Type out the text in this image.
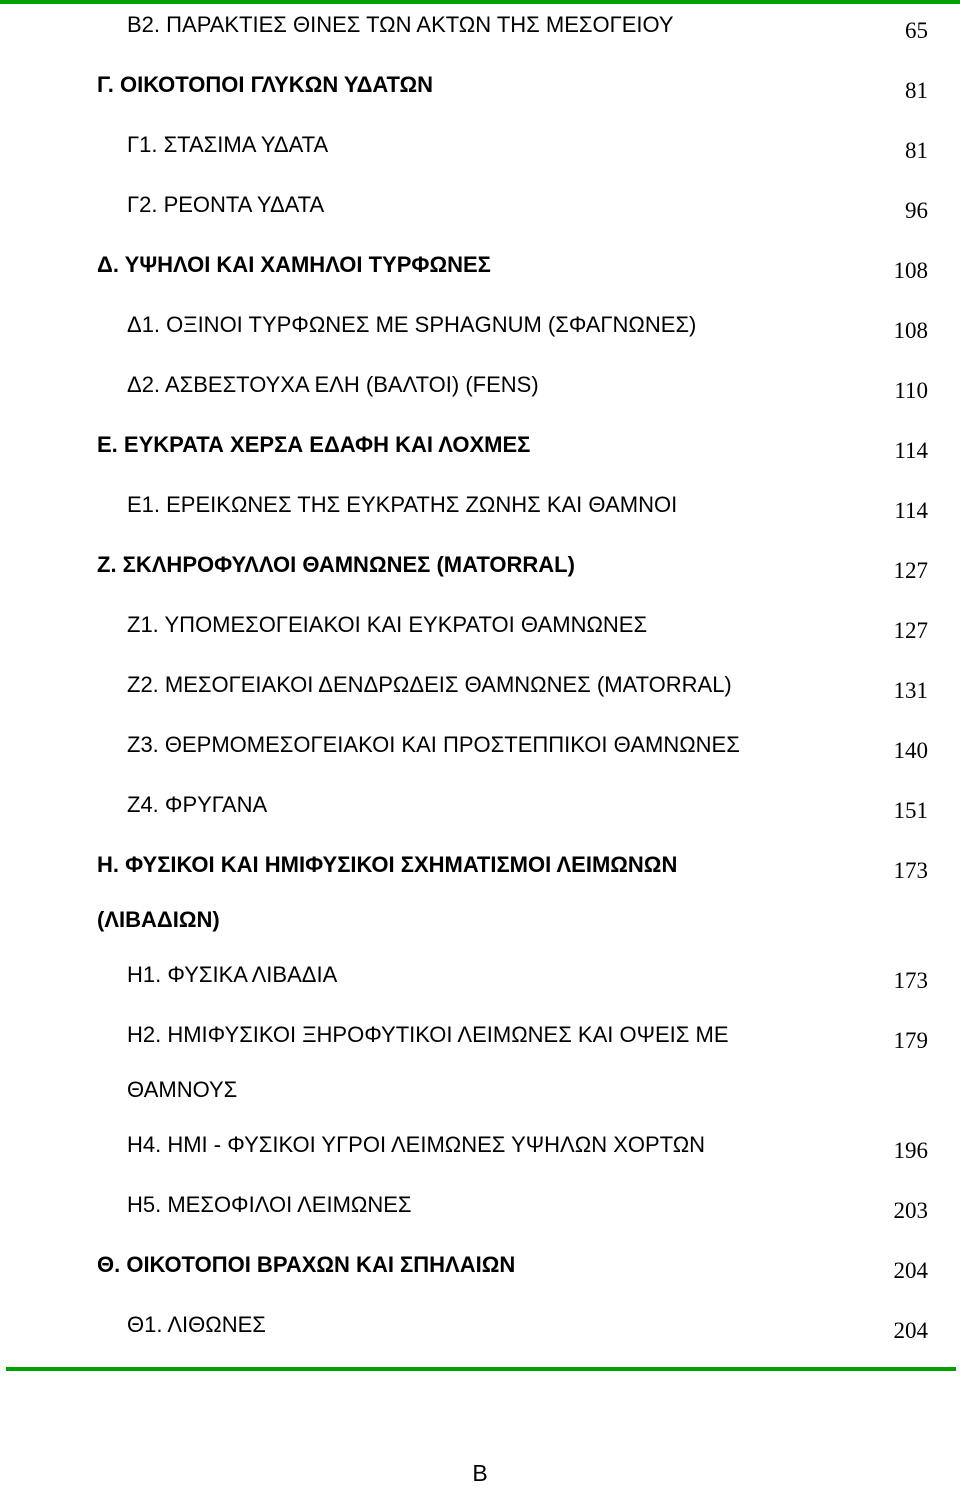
Β2. ΠΑΡΑΚΤΙΕΣ ΘΙΝΕΣ ΤΩΝ ΑΚΤΩΝ ΤΗΣ ΜΕΣΟΓΕΙΟΥ	65
Γ. ΟΙΚΟΤΟΠΟΙ ΓΛΥΚΩΝ ΥΔΑΤΩΝ	81
Γ1. ΣΤΑΣΙΜΑ ΥΔΑΤΑ	81
Γ2. ΡΕΟΝΤΑ ΥΔΑΤΑ	96
Δ. ΥΨΗΛΟΙ ΚΑΙ ΧΑΜΗΛΟΙ ΤΥΡΦΩΝΕΣ	108
Δ1. ΟΞΙΝΟΙ ΤΥΡΦΩΝΕΣ ΜΕ SPHAGNUM (ΣΦΑΓΝΩΝΕΣ)	108
Δ2. ΑΣΒΕΣΤΟΥΧΑ ΕΛΗ (ΒΑΛΤΟΙ) (FENS)	110
Ε. ΕΥΚΡΑΤΑ ΧΕΡΣΑ ΕΔΑΦΗ ΚΑΙ ΛΟΧΜΕΣ	114
Ε1. ΕΡΕΙΚΩΝΕΣ ΤΗΣ ΕΥΚΡΑΤΗΣ ΖΩΝΗΣ ΚΑΙ ΘΑΜΝΟΙ	114
Ζ. ΣΚΛΗΡΟΦΥΛΛΟΙ ΘΑΜΝΩΝΕΣ (MATORRAL)	127
Ζ1. ΥΠΟΜΕΣΟΓΕΙΑΚΟΙ ΚΑΙ ΕΥΚΡΑΤΟΙ ΘΑΜΝΩΝΕΣ	127
Ζ2. ΜΕΣΟΓΕΙΑΚΟΙ ΔΕΝΔΡΩΔΕΙΣ ΘΑΜΝΩΝΕΣ (MATORRAL)	131
Ζ3. ΘΕΡΜΟΜΕΣΟΓΕΙΑΚΟΙ ΚΑΙ ΠΡΟΣΤΕΠΠΙΚΟΙ ΘΑΜΝΩΝΕΣ	140
Ζ4. ΦΡΥΓΑΝΑ	151
Η. ΦΥΣΙΚΟΙ ΚΑΙ ΗΜΙΦΥΣΙΚΟΙ ΣΧΗΜΑΤΙΣΜΟΙ ΛΕΙΜΩΝΩΝ	173
(ΛΙΒΑΔΙΩΝ)
Η1. ΦΥΣΙΚΑ ΛΙΒΑΔΙΑ	173
Η2. ΗΜΙΦΥΣΙΚΟΙ ΞΗΡΟΦΥΤΙΚΟΙ ΛΕΙΜΩΝΕΣ ΚΑΙ ΟΨΕΙΣ ΜΕ	179
ΘΑΜΝΟΥΣ
Η4. ΗΜΙ - ΦΥΣΙΚΟΙ ΥΓΡΟΙ ΛΕΙΜΩΝΕΣ ΥΨΗΛΩΝ ΧΟΡΤΩΝ	196
Η5. ΜΕΣΟΦΙΛΟΙ ΛΕΙΜΩΝΕΣ	203
Θ. ΟΙΚΟΤΟΠΟΙ ΒΡΑΧΩΝ ΚΑΙ ΣΠΗΛΑΙΩΝ	204
Θ1. ΛΙΘΩΝΕΣ	204
B
